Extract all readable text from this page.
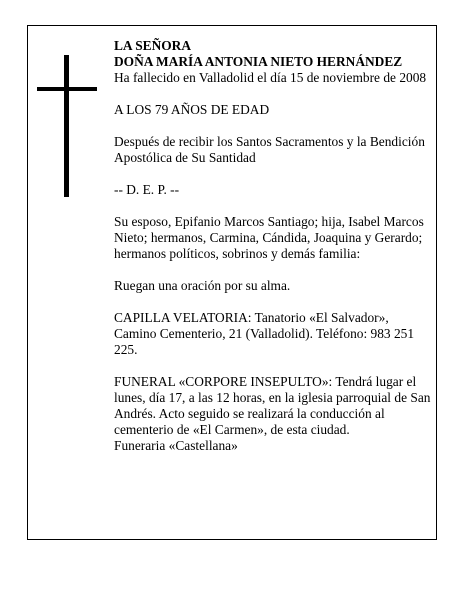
LA SEÑORA

DOÑA MARÍA ANTONIA NIETO HERNÁNDEZ

Ha fallecido en Valladolid el día 15 de noviembre de 2008

A LOS 79 AÑOS DE EDAD

Después de recibir los Santos Sacramentos y la Bendición Apostólica de Su Santidad

-- D. E. P. --

Su esposo, Epifanio Marcos Santiago; hija, Isabel Marcos Nieto; hermanos, Carmina, Cándida, Joaquina y Gerardo; hermanos políticos, sobrinos y demás familia:

Ruegan una oración por su alma.

CAPILLA VELATORIA: Tanatorio «El Salvador», Camino Cementerio, 21 (Valladolid). Teléfono: 983 251 225.

FUNERAL «CORPORE INSEPULTO»: Tendrá lugar el lunes, día 17, a las 12 horas, en la iglesia parroquial de San Andrés. Acto seguido se realizará la conducción al cementerio de «El Carmen», de esta ciudad.

Funeraria «Castellana»
